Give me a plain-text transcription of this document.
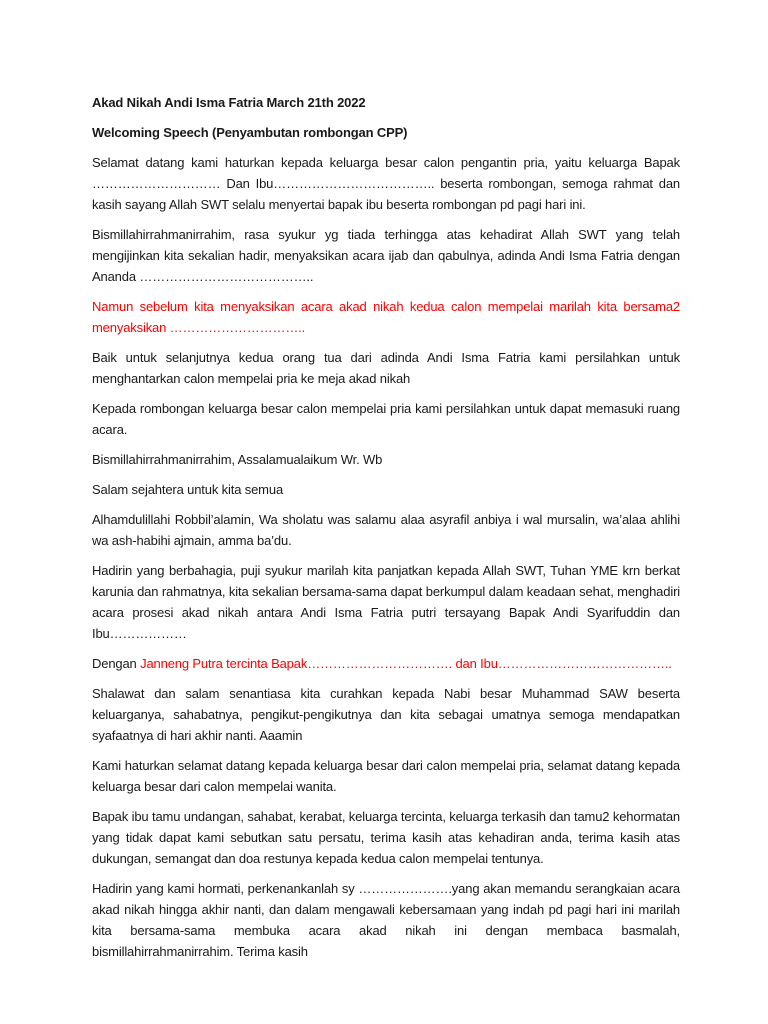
Akad Nikah Andi Isma Fatria March 21th 2022
Welcoming Speech (Penyambutan rombongan CPP)

Selamat datang kami haturkan kepada keluarga besar calon pengantin pria, yaitu keluarga Bapak ………………………… Dan Ibu……………………………….. beserta rombongan, semoga rahmat dan kasih sayang Allah SWT selalu menyertai bapak ibu beserta rombongan pd pagi hari ini.

Bismillahirrahmanirrahim, rasa syukur yg tiada terhingga atas kehadirat Allah SWT yang telah mengijinkan kita sekalian hadir, menyaksikan acara ijab dan qabulnya, adinda Andi Isma Fatria dengan Ananda …………………………………..

Namun sebelum kita menyaksikan acara akad nikah kedua calon mempelai marilah kita bersama2 menyaksikan …………………………..

Baik untuk selanjutnya kedua orang tua dari adinda Andi Isma Fatria kami persilahkan untuk menghantarkan calon mempelai pria ke meja akad nikah

Kepada rombongan keluarga besar calon mempelai pria kami persilahkan untuk dapat memasuki ruang acara.

Bismillahirrahmanirrahim, Assalamualaikum Wr. Wb

Salam sejahtera untuk kita semua

Alhamdulillahi Robbil’alamin, Wa sholatu was salamu alaa asyrafil anbiya i wal mursalin, wa’alaa ahlihi wa ash-habihi ajmain, amma ba’du.

Hadirin yang berbahagia, puji syukur marilah kita panjatkan kepada Allah SWT, Tuhan YME krn berkat karunia dan rahmatnya, kita sekalian bersama-sama dapat berkumpul dalam keadaan sehat, menghadiri acara prosesi akad nikah antara Andi Isma Fatria putri tersayang Bapak Andi Syarifuddin dan Ibu………………

Dengan Janneng Putra tercinta Bapak……………………………. dan Ibu…………………………………..

Shalawat dan salam senantiasa kita curahkan kepada Nabi besar Muhammad SAW beserta keluarganya, sahabatnya, pengikut-pengikutnya dan kita sebagai umatnya semoga mendapatkan syafaatnya di hari akhir nanti. Aaamin

Kami haturkan selamat datang kepada keluarga besar dari calon mempelai pria, selamat datang kepada keluarga besar dari calon mempelai wanita.

Bapak ibu tamu undangan, sahabat, kerabat, keluarga tercinta, keluarga terkasih dan tamu2 kehormatan yang tidak dapat kami sebutkan satu persatu, terima kasih atas kehadiran anda, terima kasih atas dukungan, semangat dan doa restunya kepada kedua calon mempelai tentunya.

Hadirin yang kami hormati, perkenankanlah sy ………………….yang akan memandu serangkaian acara akad nikah hingga akhir nanti, dan dalam mengawali kebersamaan yang indah pd pagi hari ini marilah kita bersama-sama membuka acara akad nikah ini dengan membaca basmalah, bismillahirrahmanirrahim. Terima kasih
